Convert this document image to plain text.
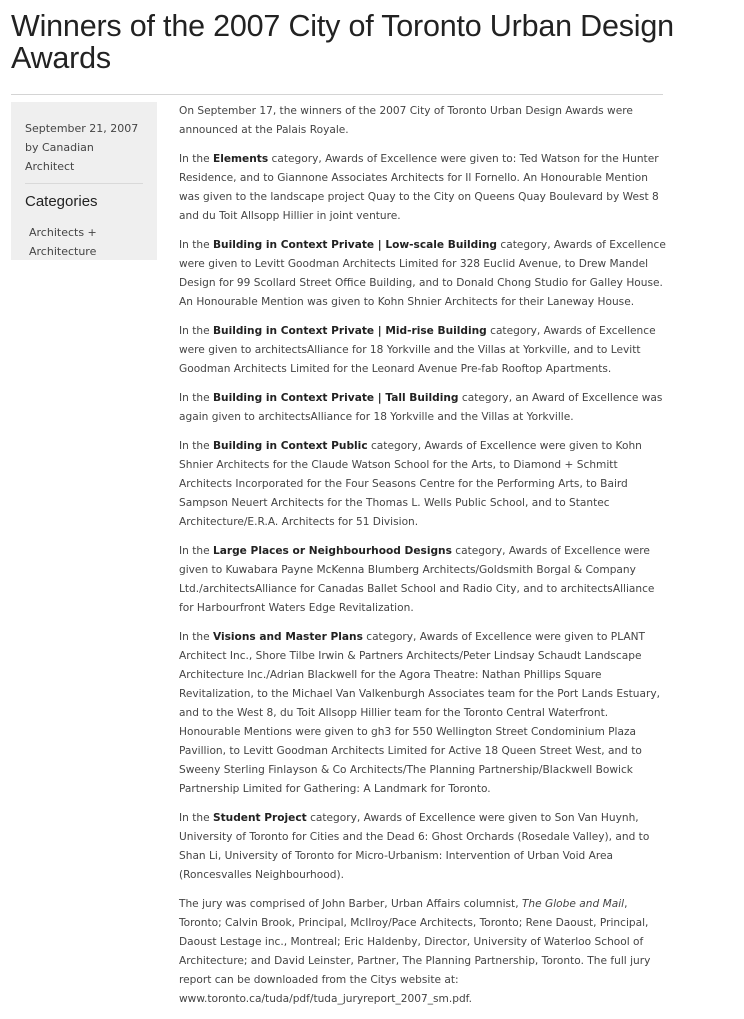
Winners of the 2007 City of Toronto Urban Design Awards
September 21, 2007
by Canadian Architect
Categories
Architects + Architecture

On September 17, the winners of the 2007 City of Toronto Urban Design Awards were announced at the Palais Royale.

In the Elements category, Awards of Excellence were given to: Ted Watson for the Hunter Residence, and to Giannone Associates Architects for Il Fornello. An Honourable Mention was given to the landscape project Quay to the City on Queens Quay Boulevard by West 8 and du Toit Allsopp Hillier in joint venture.

In the Building in Context Private | Low-scale Building category, Awards of Excellence were given to Levitt Goodman Architects Limited for 328 Euclid Avenue, to Drew Mandel Design for 99 Scollard Street Office Building, and to Donald Chong Studio for Galley House. An Honourable Mention was given to Kohn Shnier Architects for their Laneway House.

In the Building in Context Private | Mid-rise Building category, Awards of Excellence were given to architectsAlliance for 18 Yorkville and the Villas at Yorkville, and to Levitt Goodman Architects Limited for the Leonard Avenue Pre-fab Rooftop Apartments.

In the Building in Context Private | Tall Building category, an Award of Excellence was again given to architectsAlliance for 18 Yorkville and the Villas at Yorkville.

In the Building in Context Public category, Awards of Excellence were given to Kohn Shnier Architects for the Claude Watson School for the Arts, to Diamond + Schmitt Architects Incorporated for the Four Seasons Centre for the Performing Arts, to Baird Sampson Neuert Architects for the Thomas L. Wells Public School, and to Stantec Architecture/E.R.A. Architects for 51 Division.

In the Large Places or Neighbourhood Designs category, Awards of Excellence were given to Kuwabara Payne McKenna Blumberg Architects/Goldsmith Borgal & Company Ltd./architectsAlliance for Canadas Ballet School and Radio City, and to architectsAlliance for Harbourfront Waters Edge Revitalization.

In the Visions and Master Plans category, Awards of Excellence were given to PLANT Architect Inc., Shore Tilbe Irwin & Partners Architects/Peter Lindsay Schaudt Landscape Architecture Inc./Adrian Blackwell for the Agora Theatre: Nathan Phillips Square Revitalization, to the Michael Van Valkenburgh Associates team for the Port Lands Estuary, and to the West 8, du Toit Allsopp Hillier team for the Toronto Central Waterfront. Honourable Mentions were given to gh3 for 550 Wellington Street Condominium Plaza Pavillion, to Levitt Goodman Architects Limited for Active 18 Queen Street West, and to Sweeny Sterling Finlayson & Co Architects/The Planning Partnership/Blackwell Bowick Partnership Limited for Gathering: A Landmark for Toronto.

In the Student Project category, Awards of Excellence were given to Son Van Huynh, University of Toronto for Cities and the Dead 6: Ghost Orchards (Rosedale Valley), and to Shan Li, University of Toronto for Micro-Urbanism: Intervention of Urban Void Area (Roncesvalles Neighbourhood).

The jury was comprised of John Barber, Urban Affairs columnist, The Globe and Mail, Toronto; Calvin Brook, Principal, McIlroy/Pace Architects, Toronto; Rene Daoust, Principal, Daoust Lestage inc., Montreal; Eric Haldenby, Director, University of Waterloo School of Architecture; and David Leinster, Partner, The Planning Partnership, Toronto. The full jury report can be downloaded from the Citys website at: www.toronto.ca/tuda/pdf/tuda_juryreport_2007_sm.pdf.
